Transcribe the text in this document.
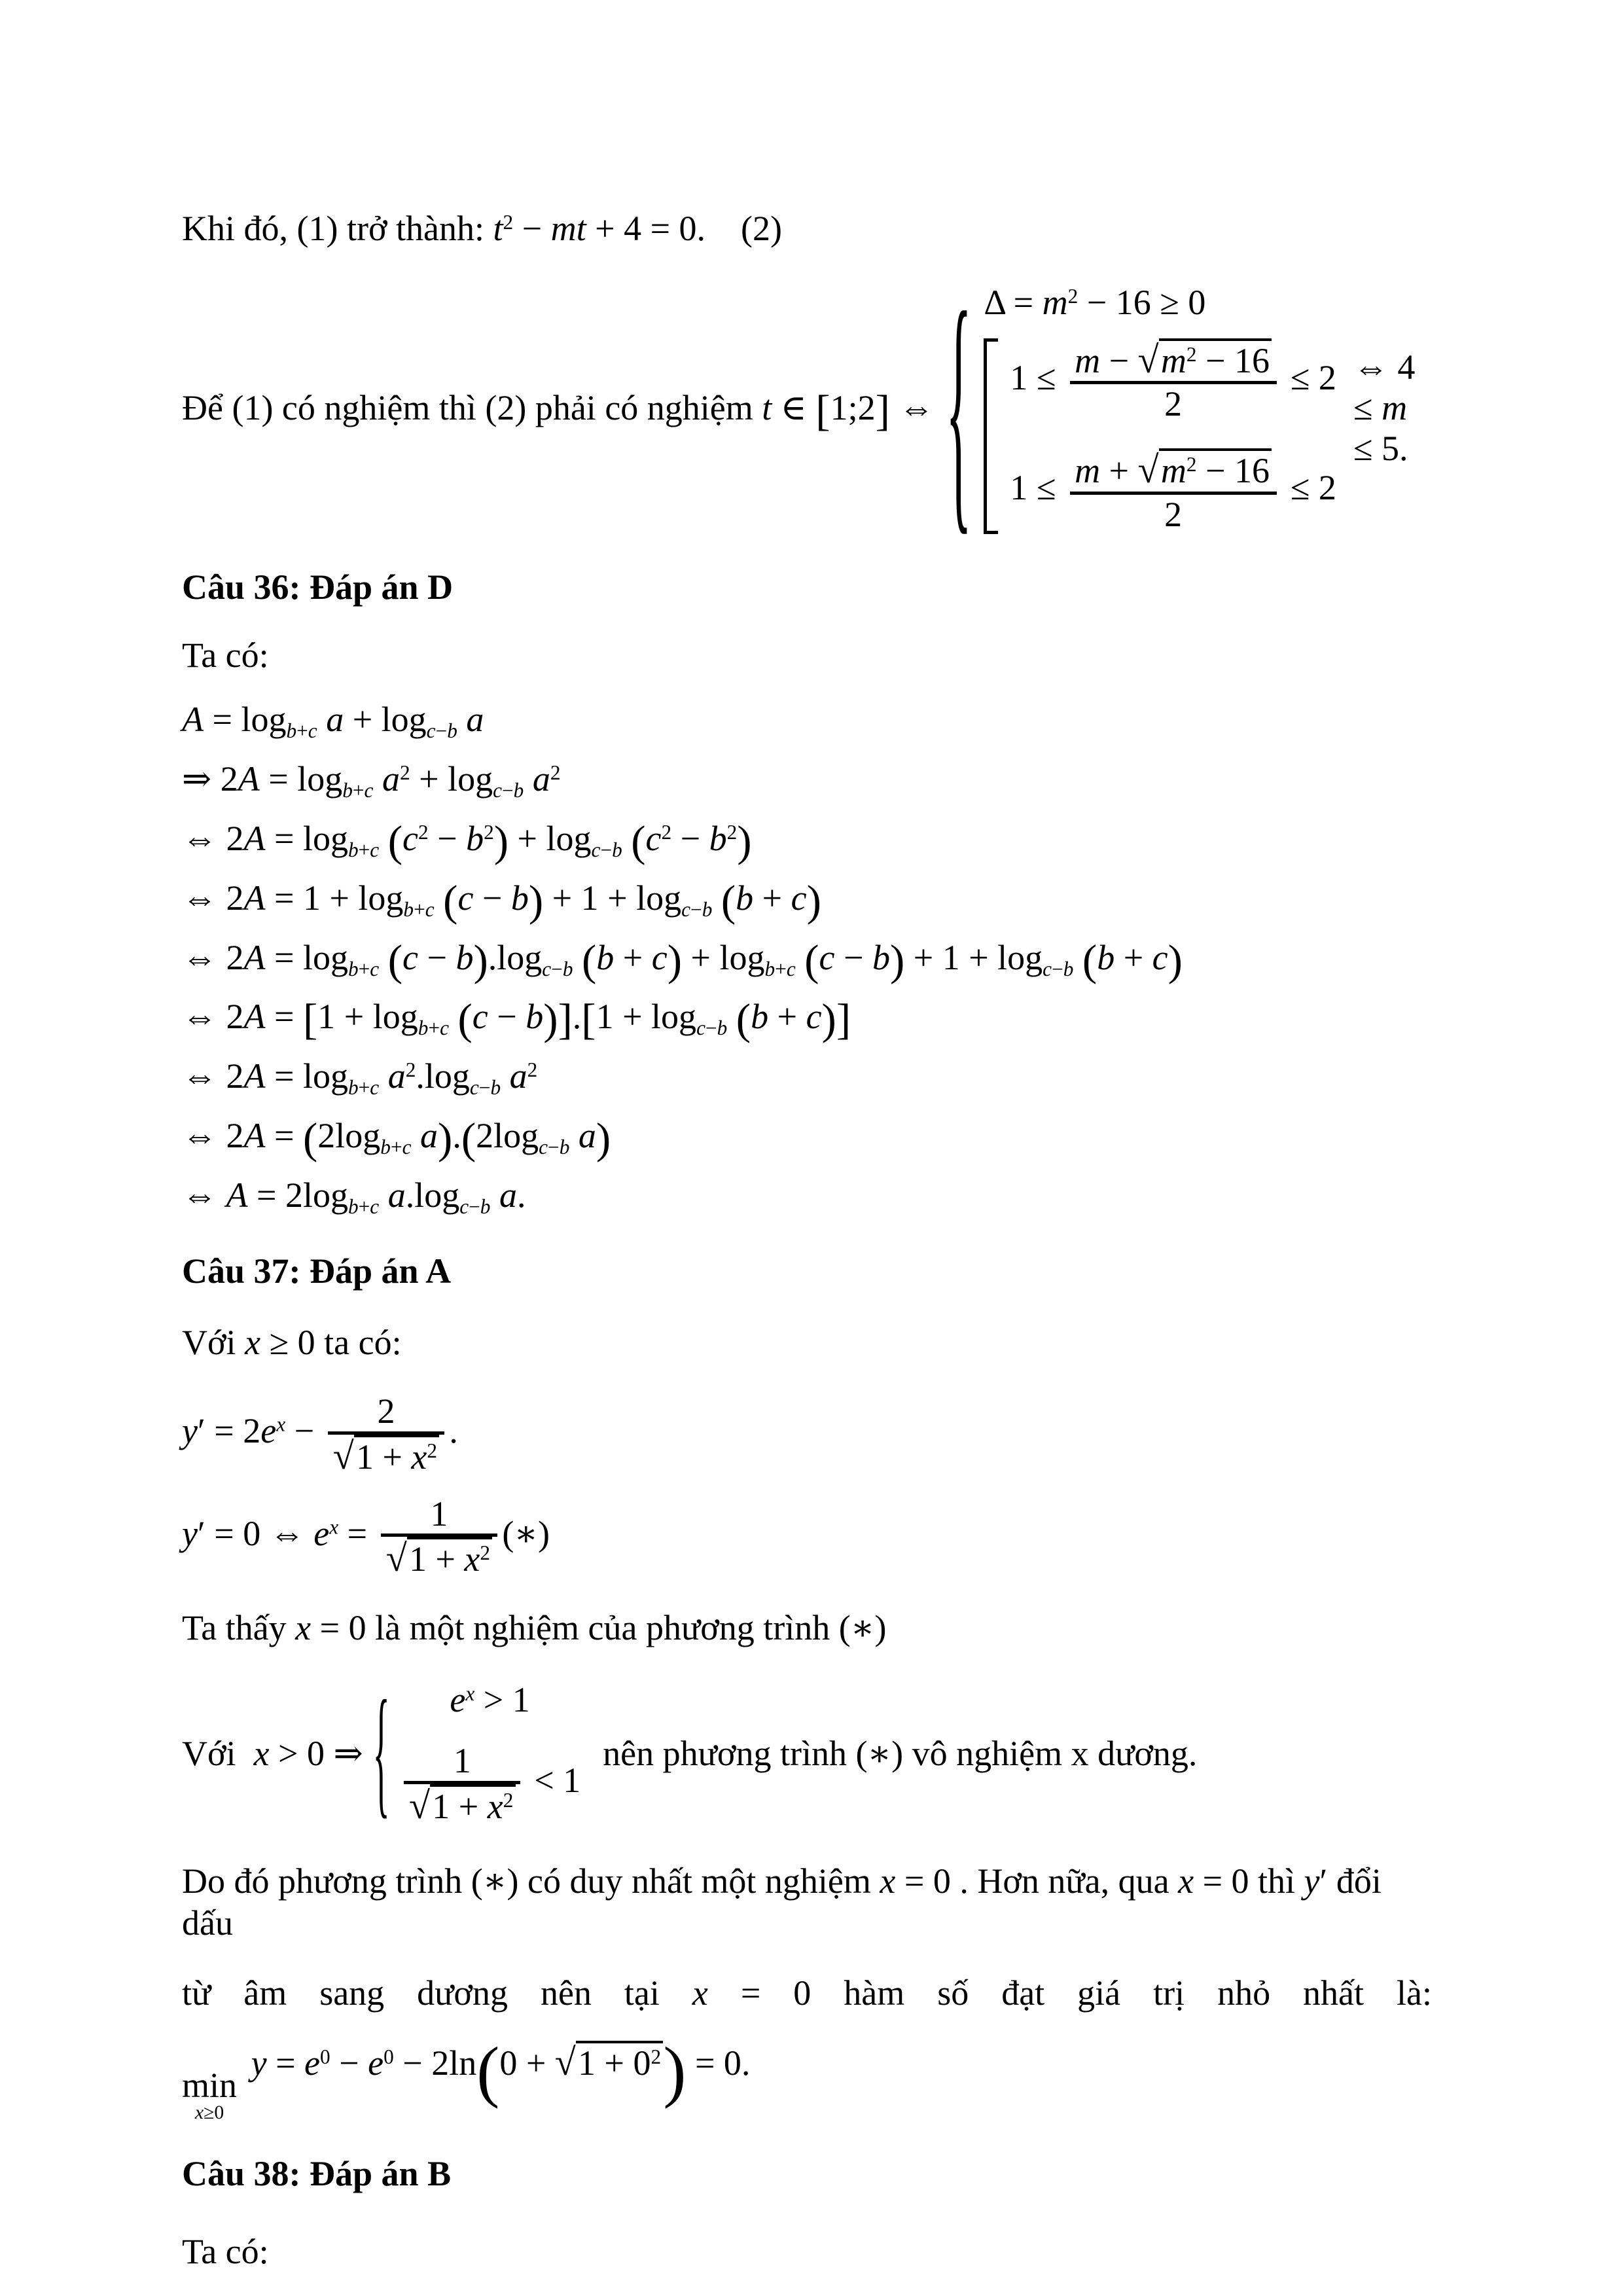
Khi đó, (1) trở thành: $t^2$ − mt + 4 = 0.  (2)
Để (1) có nghiệm thì (2) phải có nghiệm t ∈ [1;2] ⇔ { $\Delta = m^2 - 16 \ge 0$
$1 \le \frac{m - √m^2 - 16}{2} \le 2$
$1 \le \frac{m + √m^2 - 16}{2} \le 2$
⇔ 4 ≤ m ≤ 5.
Câu 36: Đáp án D
Ta có:
$A = \log_{b+c} a + \log_{c-b} a$
⇒ $2A = \log_{b+c} a^2 + \log_{c-b} a^2$
⇔ $2A = \log_{b+c} (c^2 - b^2) + \log_{c-b} (c^2 - b^2)$
⇔ $2A = 1 + \log_{b+c} (c - b) + 1 + \log_{c-b} (b + c)$
⇔ $2A = \log_{b+c} (c - b).\log_{c-b}$ $(b + c) + \log_{b+c} (c - b) + 1 + \log_{c-b} (b + c)$
⇔ $2A = [1 + \log_{b+c} (c - b)].[1 + \log_{c-b} (b + c)]$
⇔ $2A = \log_{b+c} a^2.\log_{c-b}$ $a^2$
⇔ $2A = (2\log_{b+c}$ $a).(2\log_{c-b}$ a)
⇔ $A = 2\log_{b+c}$ $a.\log_{c-b}$ a.
Câu 37: Đáp án A
Với x ≥ 0 ta có:
$y' = 2e^x - \frac{2}{√1 + x^2}$ .
y′ = 0 ⇔ $e^x = \frac{1}{√1 + x^2}$ (∗)
Ta thấy x = 0 là một nghiệm của phương trình (∗)
Với x > 0 ⇒ { $e^x > 1$
$\frac{1}{√1 + x^2} < 1$
nên phương trình (∗) vô nghiệm x dương.
Do đó phương trình (∗) có duy nhất một nghiệm x = 0 . Hơn nữa, qua x = 0 thì y′ đổi dấu
từ âm sang dương nên tại x = 0 hàm số đạt giá trị nhỏ nhất là:
min
x≥0
$y = e^0 - e^0 - 2\ln(0 + √1 + 0^2) = 0$.
Câu 38: Đáp án B
Ta có:
